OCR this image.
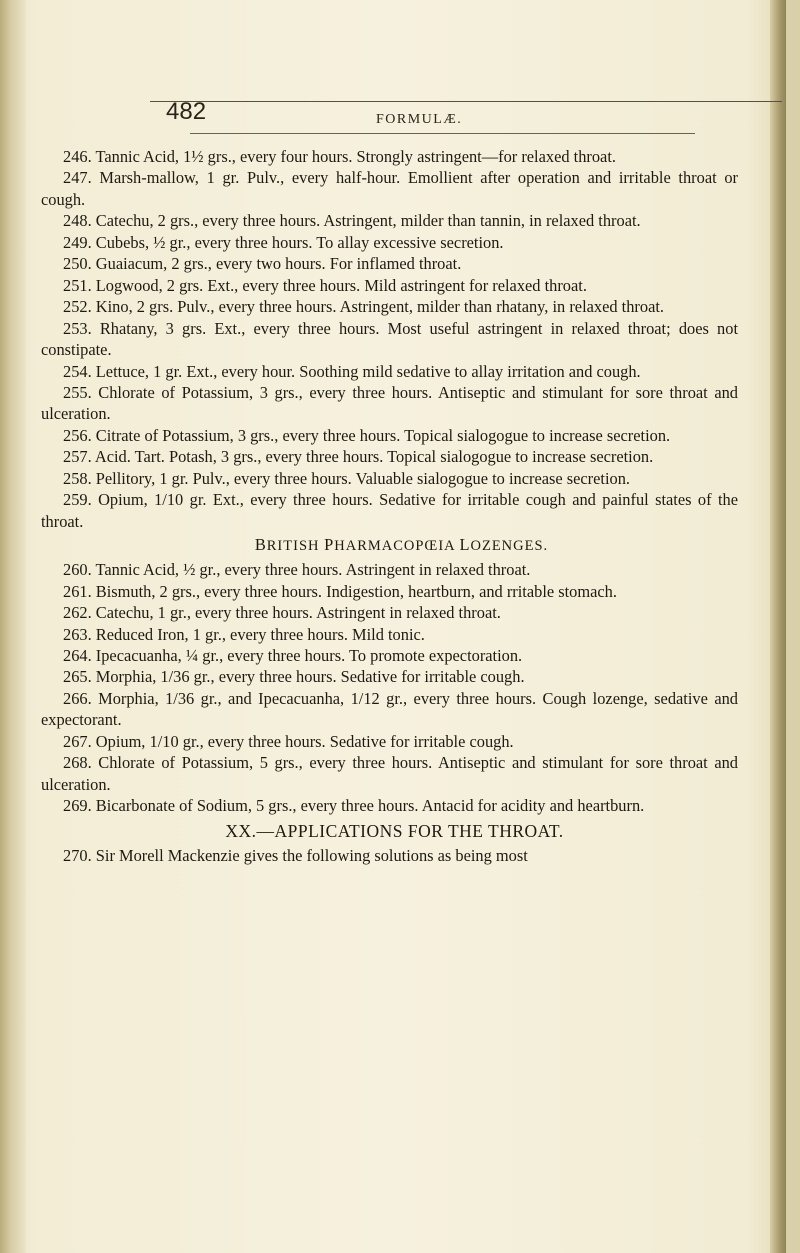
482	FORMULÆ.

246. Tannic Acid, 1½ grs., every four hours. Strongly astringent—for relaxed throat.

247. Marsh-mallow, 1 gr. Pulv., every half-hour. Emollient after operation and irritable throat or cough.

248. Catechu, 2 grs., every three hours. Astringent, milder than tannin, in relaxed throat.

249. Cubebs, ½ gr., every three hours. To allay excessive secretion.

250. Guaiacum, 2 grs., every two hours. For inflamed throat.

251. Logwood, 2 grs. Ext., every three hours. Mild astringent for relaxed throat.

252. Kino, 2 grs. Pulv., every three hours. Astringent, milder than rhatany, in relaxed throat.

253. Rhatany, 3 grs. Ext., every three hours. Most useful astringent in relaxed throat; does not constipate.

254. Lettuce, 1 gr. Ext., every hour. Soothing mild sedative to allay irritation and cough.

255. Chlorate of Potassium, 3 grs., every three hours. Antiseptic and stimulant for sore throat and ulceration.

256. Citrate of Potassium, 3 grs., every three hours. Topical sialogogue to increase secretion.

257. Acid. Tart. Potash, 3 grs., every three hours. Topical sialogogue to increase secretion.

258. Pellitory, 1 gr. Pulv., every three hours. Valuable sialogogue to increase secretion.

259. Opium, 1/10 gr. Ext., every three hours. Sedative for irritable cough and painful states of the throat.

BRITISH PHARMACOPŒIA LOZENGES.

260. Tannic Acid, ½ gr., every three hours. Astringent in relaxed throat.

261. Bismuth, 2 grs., every three hours. Indigestion, heartburn, and rritable stomach.

262. Catechu, 1 gr., every three hours. Astringent in relaxed throat.

263. Reduced Iron, 1 gr., every three hours. Mild tonic.

264. Ipecacuanha, ¼ gr., every three hours. To promote expectoration.

265. Morphia, 1/36 gr., every three hours. Sedative for irritable cough.

266. Morphia, 1/36 gr., and Ipecacuanha, 1/12 gr., every three hours. Cough lozenge, sedative and expectorant.

267. Opium, 1/10 gr., every three hours. Sedative for irritable cough.

268. Chlorate of Potassium, 5 grs., every three hours. Antiseptic and stimulant for sore throat and ulceration.

269. Bicarbonate of Sodium, 5 grs., every three hours. Antacid for acidity and heartburn.

XX.—APPLICATIONS FOR THE THROAT.

270. Sir Morell Mackenzie gives the following solutions as being most
